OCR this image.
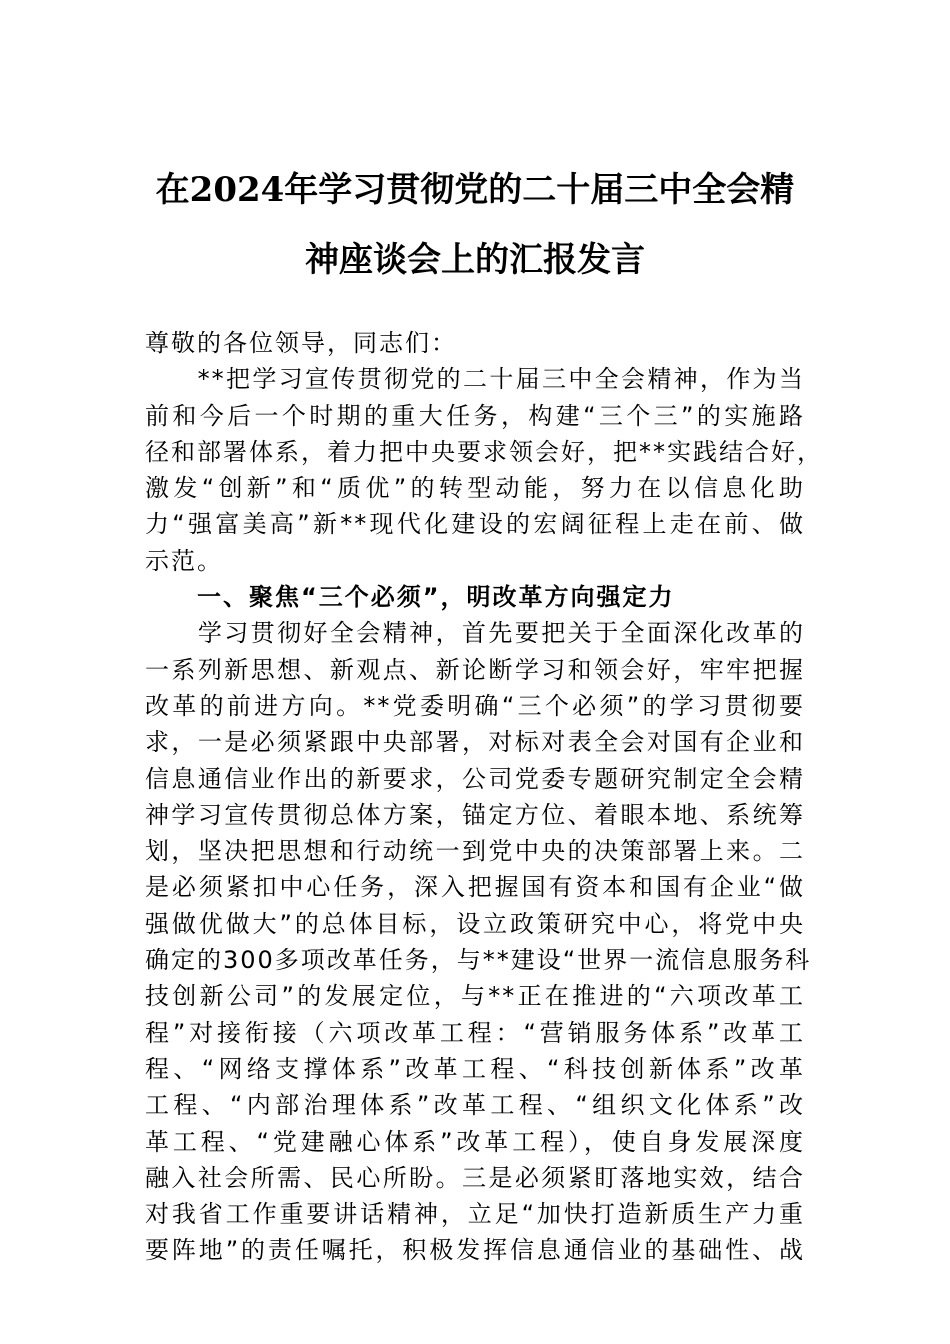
在2024年学习贯彻党的二十届三中全会精
神座谈会上的汇报发言
尊敬的各位领导，同志们：
　　**把学习宣传贯彻党的二十届三中全会精神，作为当
前和今后一个时期的重大任务，构建“三个三”的实施路
径和部署体系，着力把中央要求领会好，把**实践结合好，
激发“创新”和“质优”的转型动能，努力在以信息化助
力“强富美高”新**现代化建设的宏阔征程上走在前、做
示范。
　　一、聚焦“三个必须”，明改革方向强定力
　　学习贯彻好全会精神，首先要把关于全面深化改革的
一系列新思想、新观点、新论断学习和领会好，牢牢把握
改革的前进方向。**党委明确“三个必须”的学习贯彻要
求，一是必须紧跟中央部署，对标对表全会对国有企业和
信息通信业作出的新要求，公司党委专题研究制定全会精
神学习宣传贯彻总体方案，锚定方位、着眼本地、系统筹
划，坚决把思想和行动统一到党中央的决策部署上来。二
是必须紧扣中心任务，深入把握国有资本和国有企业“做
强做优做大”的总体目标，设立政策研究中心，将党中央
确定的300多项改革任务，与**建设“世界一流信息服务科
技创新公司”的发展定位，与**正在推进的“六项改革工
程”对接衔接（六项改革工程：“营销服务体系”改革工
程、“网络支撑体系”改革工程、“科技创新体系”改革
工程、“内部治理体系”改革工程、“组织文化体系”改
革工程、“党建融心体系”改革工程），使自身发展深度
融入社会所需、民心所盼。三是必须紧盯落地实效，结合
对我省工作重要讲话精神，立足“加快打造新质生产力重
要阵地”的责任嘱托，积极发挥信息通信业的基础性、战
